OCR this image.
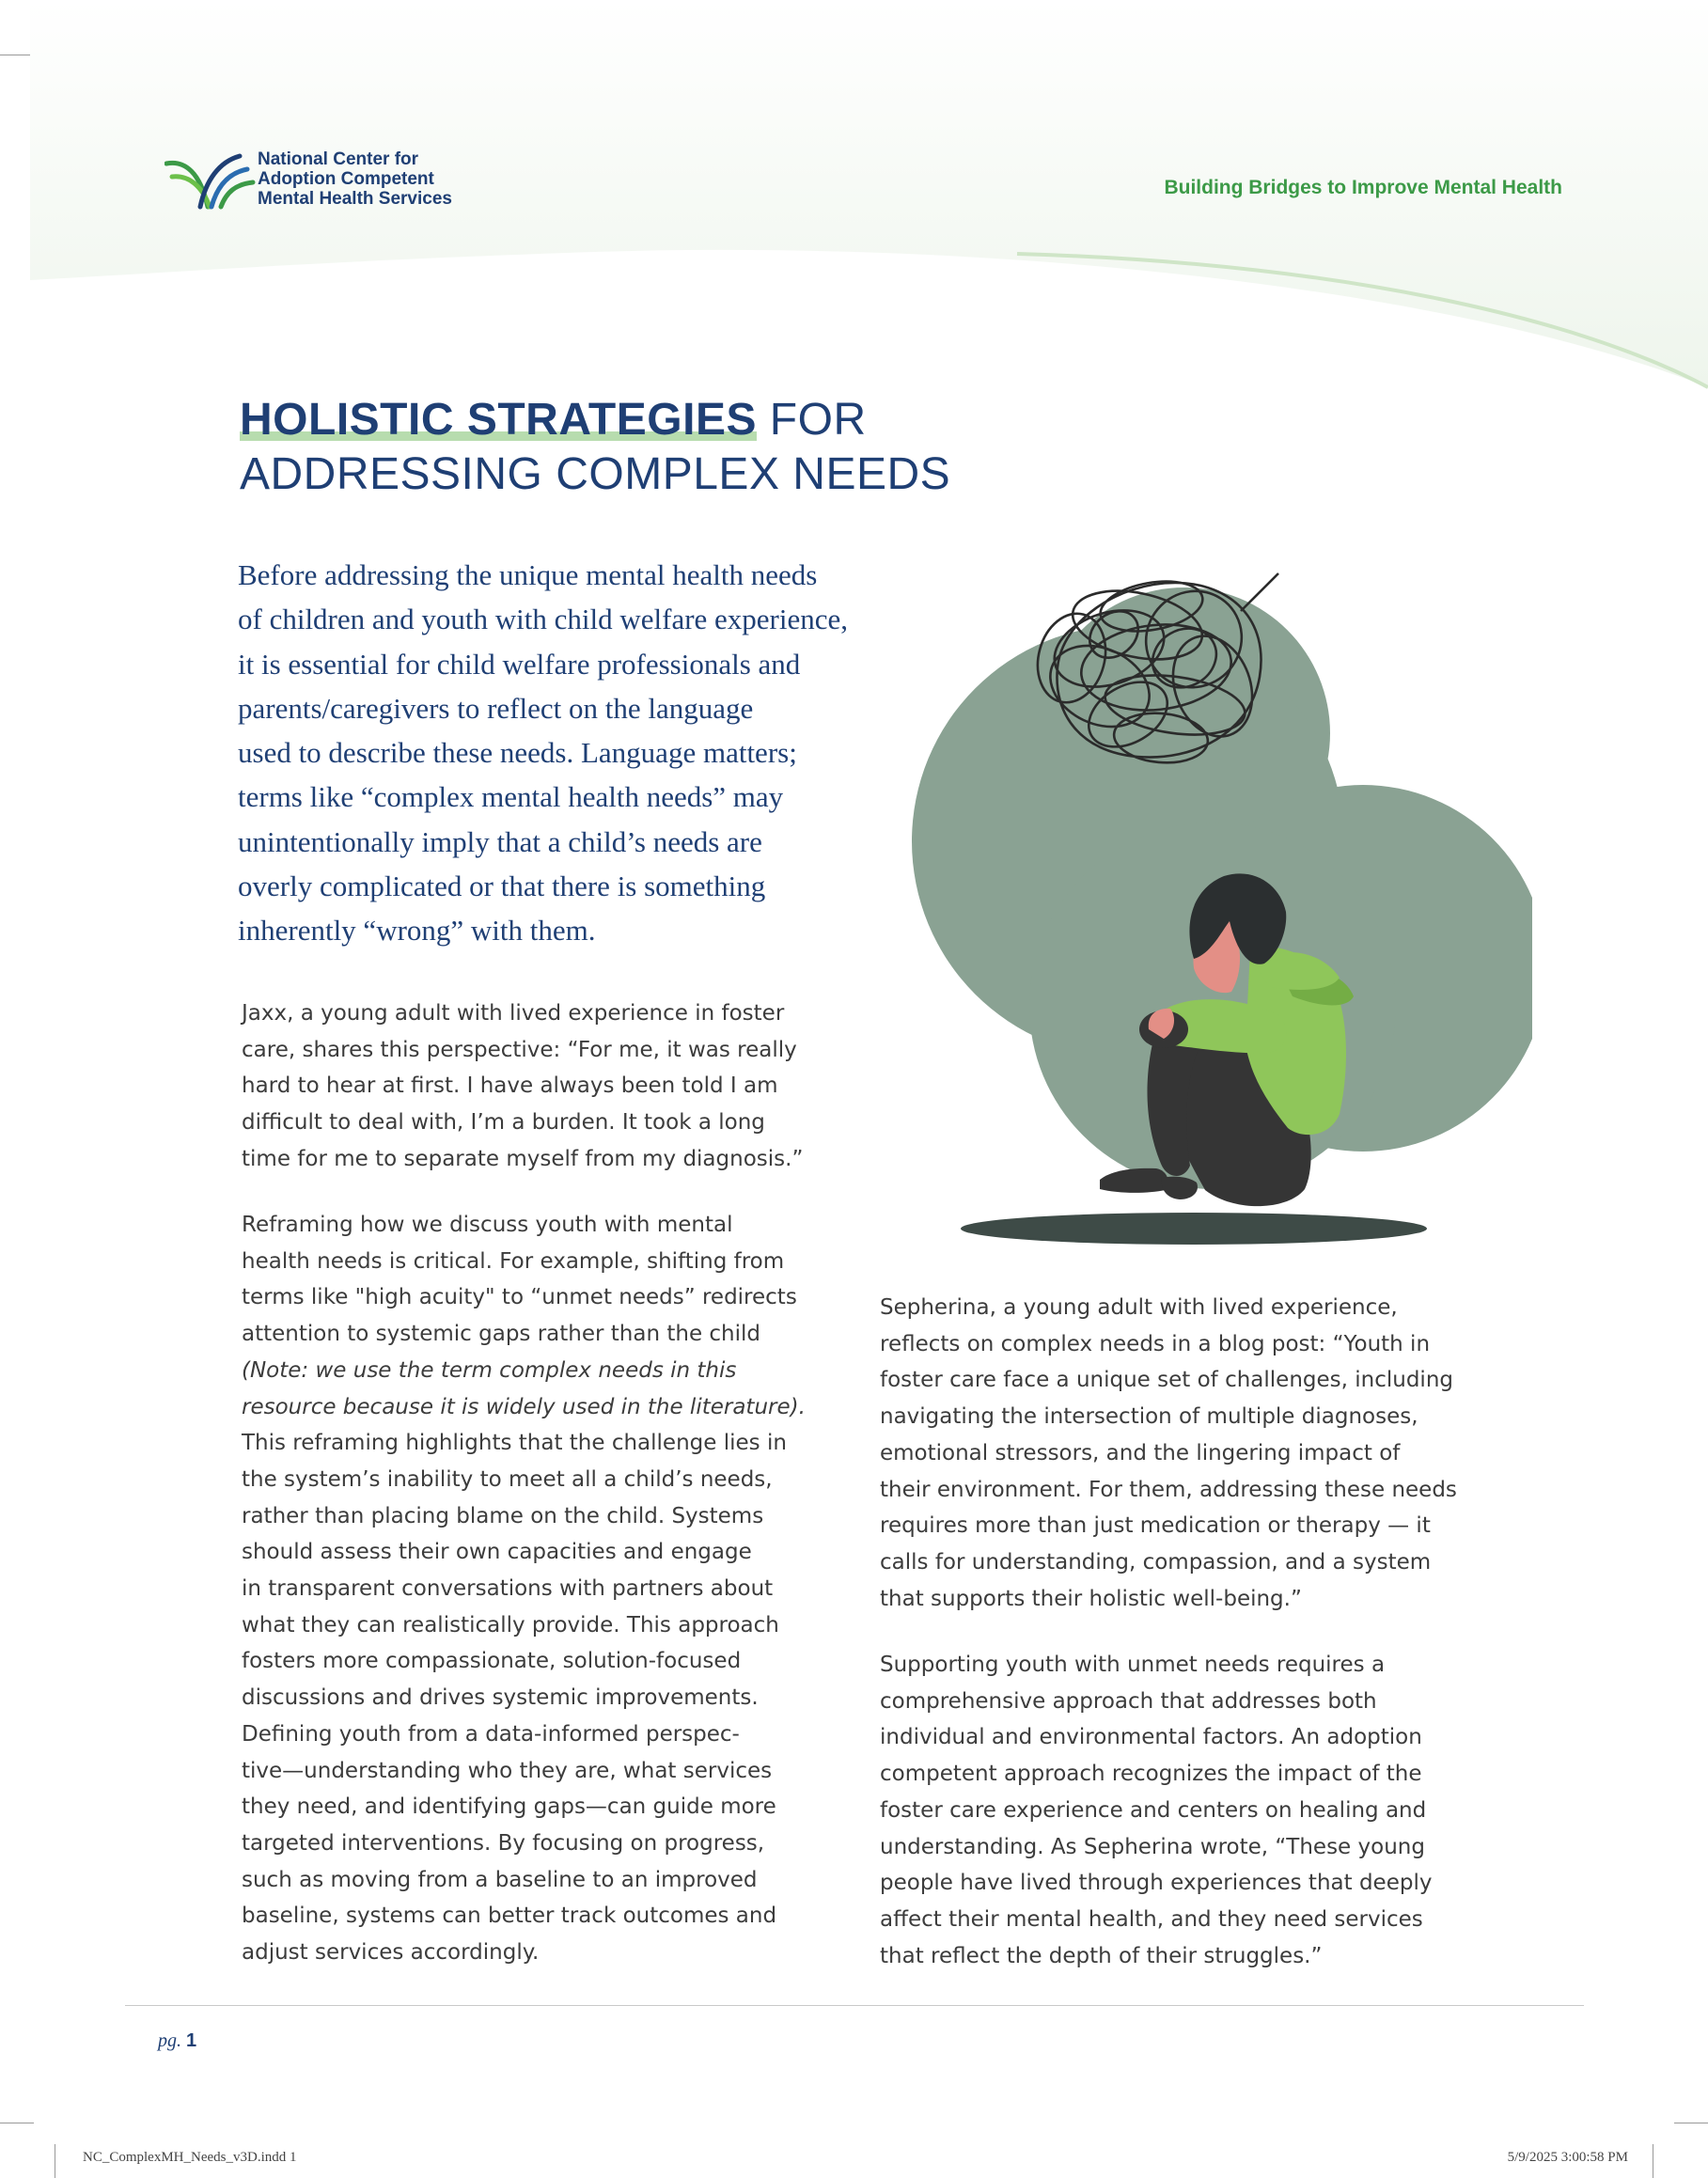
National Center for
Adoption Competent
Mental Health Services
Building Bridges to Improve Mental Health
HOLISTIC STRATEGIES FOR
ADDRESSING COMPLEX NEEDS
Before addressing the unique mental health needs
of children and youth with child welfare experience,
it is essential for child welfare professionals and
parents/caregivers to reflect on the language
used to describe these needs. Language matters;
terms like “complex mental health needs” may
unintentionally imply that a child’s needs are
overly complicated or that there is something
inherently “wrong” with them.
Jaxx, a young adult with lived experience in foster
care, shares this perspective: “For me, it was really
hard to hear at first. I have always been told I am
difficult to deal with, I’m a burden. It took a long
time for me to separate myself from my diagnosis.”
Reframing how we discuss youth with mental
health needs is critical. For example, shifting from
terms like "high acuity" to “unmet needs” redirects
attention to systemic gaps rather than the child
(Note: we use the term complex needs in this
resource because it is widely used in the literature).
This reframing highlights that the challenge lies in
the system’s inability to meet all a child’s needs,
rather than placing blame on the child. Systems
should assess their own capacities and engage
in transparent conversations with partners about
what they can realistically provide. This approach
fosters more compassionate, solution-focused
discussions and drives systemic improvements.
Defining youth from a data-informed perspec-
tive—understanding who they are, what services
they need, and identifying gaps—can guide more
targeted interventions. By focusing on progress,
such as moving from a baseline to an improved
baseline, systems can better track outcomes and
adjust services accordingly.
Sepherina, a young adult with lived experience,
reflects on complex needs in a blog post: “Youth in
foster care face a unique set of challenges, including
navigating the intersection of multiple diagnoses,
emotional stressors, and the lingering impact of
their environment. For them, addressing these needs
requires more than just medication or therapy — it
calls for understanding, compassion, and a system
that supports their holistic well-being.”
Supporting youth with unmet needs requires a
comprehensive approach that addresses both
individual and environmental factors. An adoption
competent approach recognizes the impact of the
foster care experience and centers on healing and
understanding. As Sepherina wrote, “These young
people have lived through experiences that deeply
affect their mental health, and they need services
that reflect the depth of their struggles.”
pg. 1
NC_ComplexMH_Needs_v3D.indd 1	5/9/2025 3:00:58 PM
